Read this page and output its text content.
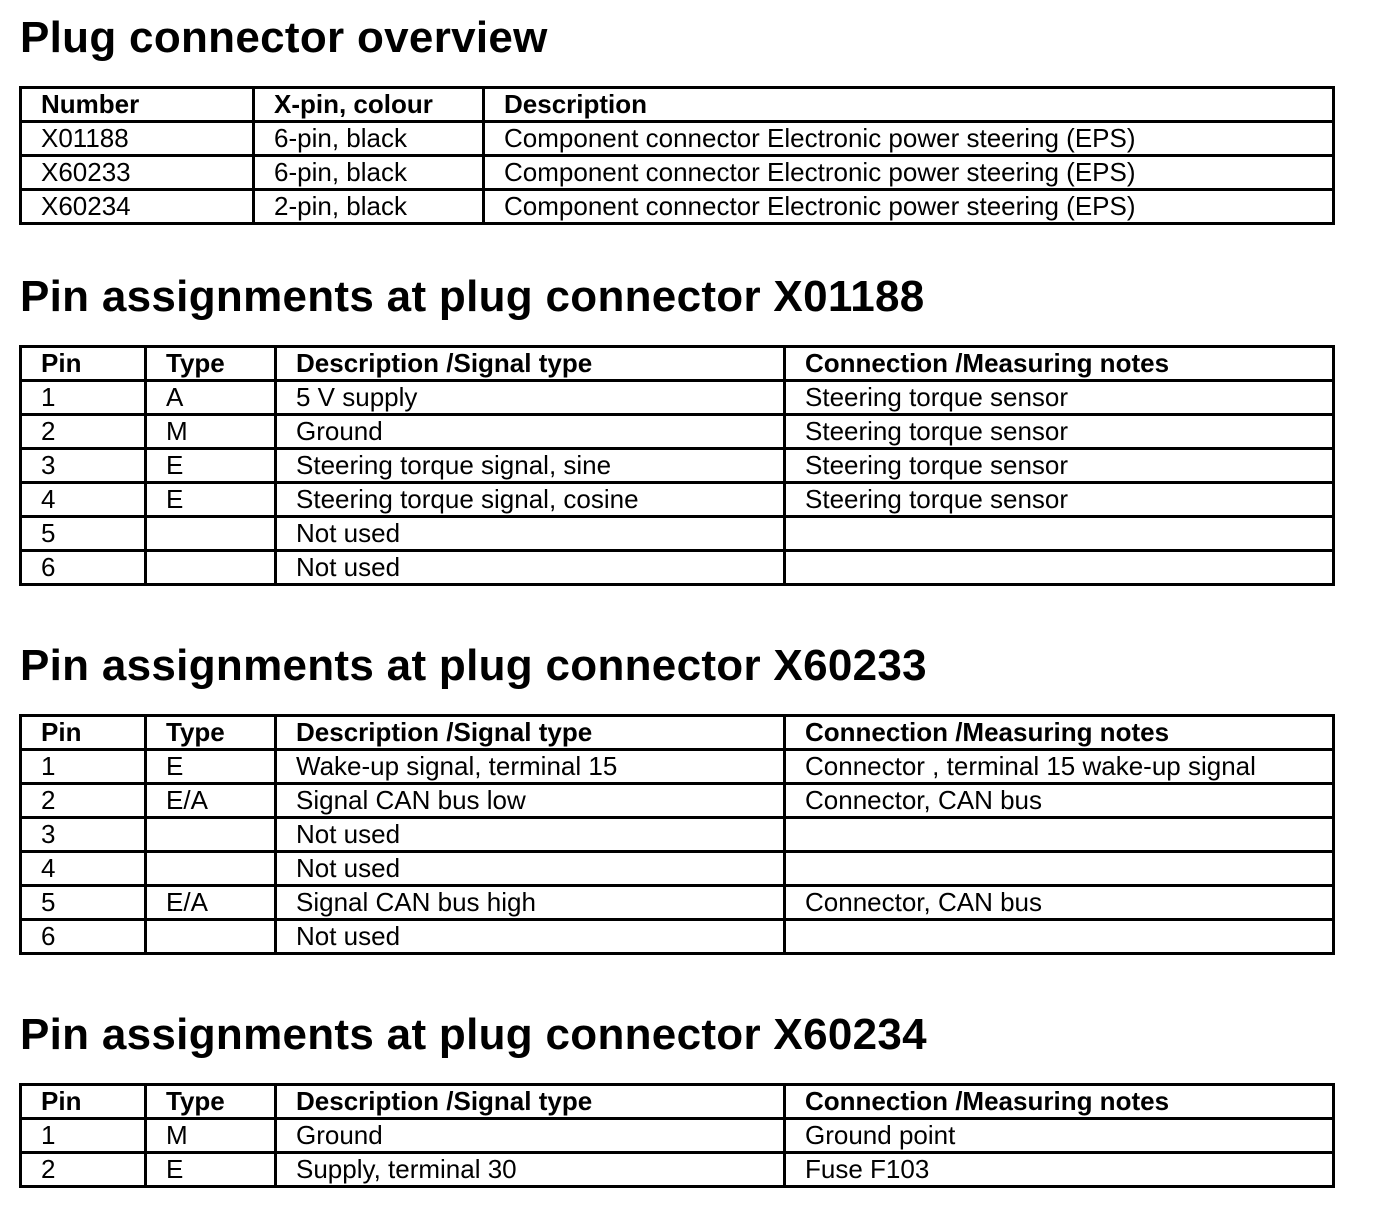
Plug connector overview
Number	X-pin, colour	Description
X01188	6-pin, black	Component connector Electronic power steering (EPS)
X60233	6-pin, black	Component connector Electronic power steering (EPS)
X60234	2-pin, black	Component connector Electronic power steering (EPS)
Pin assignments at plug connector X01188
Pin	Type	Description /Signal type	Connection /Measuring notes
1	A	5 V supply	Steering torque sensor
2	M	Ground	Steering torque sensor
3	E	Steering torque signal, sine	Steering torque sensor
4	E	Steering torque signal, cosine	Steering torque sensor
5		Not used	
6		Not used	
Pin assignments at plug connector X60233
Pin	Type	Description /Signal type	Connection /Measuring notes
1	E	Wake-up signal, terminal 15	Connector , terminal 15 wake-up signal
2	E/A	Signal CAN bus low	Connector, CAN bus
3		Not used	
4		Not used	
5	E/A	Signal CAN bus high	Connector, CAN bus
6		Not used	
Pin assignments at plug connector X60234
Pin	Type	Description /Signal type	Connection /Measuring notes
1	M	Ground	Ground point
2	E	Supply, terminal 30	Fuse F103
